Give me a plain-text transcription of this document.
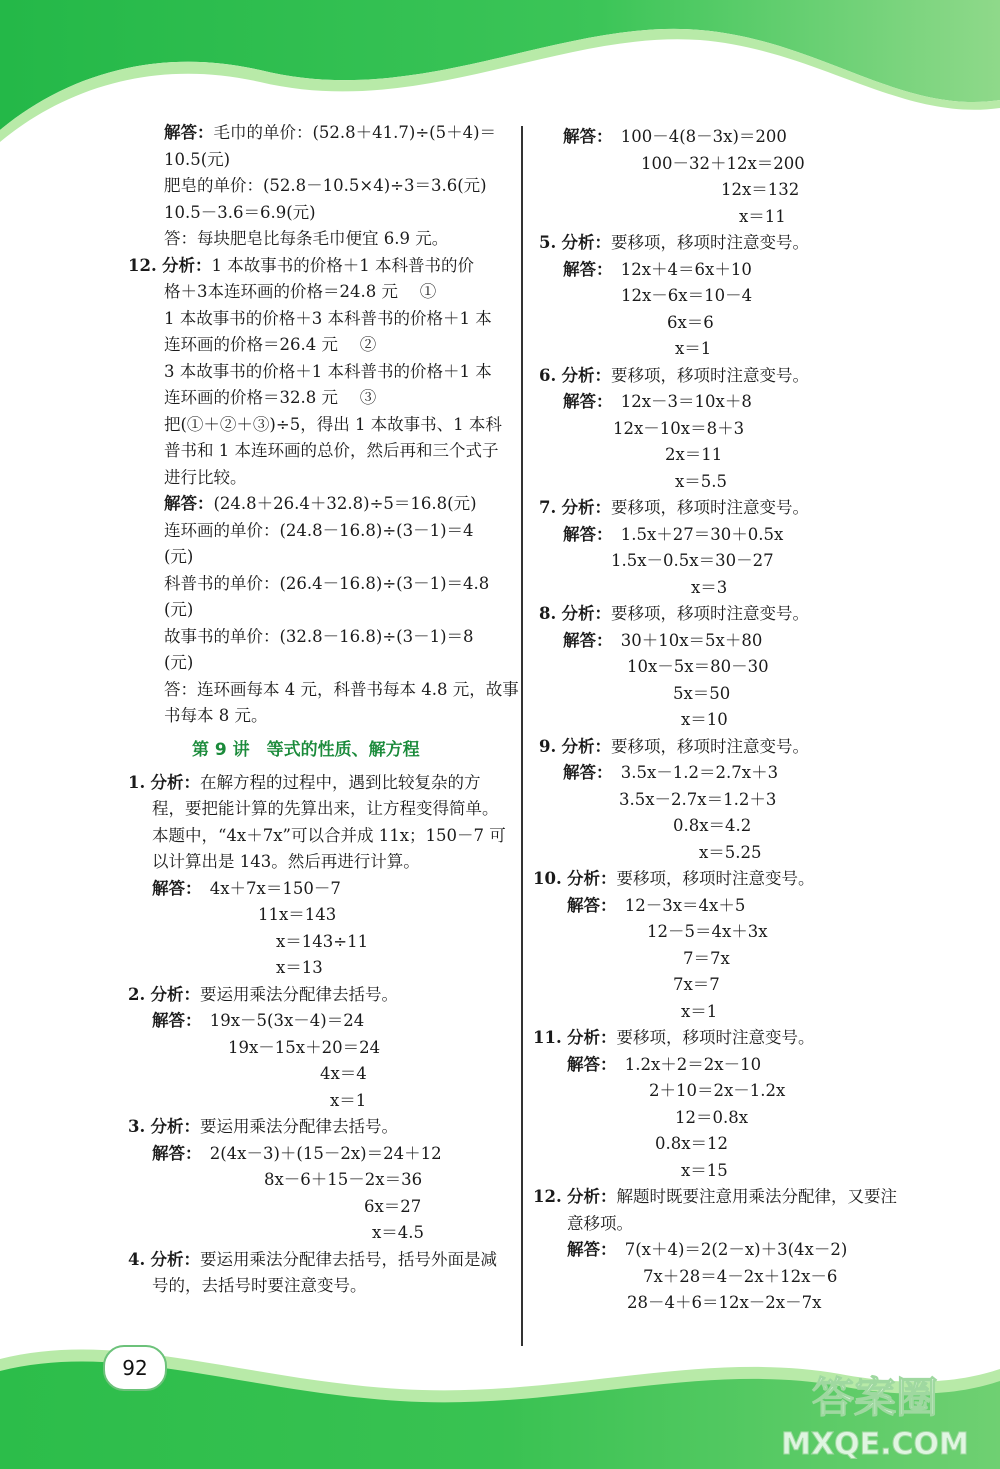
解答：毛巾的单价：(52.8＋41.7)÷(5＋4)＝
10.5(元)
肥皂的单价：(52.8－10.5×4)÷3＝3.6(元)
10.5－3.6＝6.9(元)
答：每块肥皂比每条毛巾便宜 6.9 元。
12. 分析：1 本故事书的价格＋1 本科普书的价
格＋3本连环画的价格＝24.8 元　 ①
1 本故事书的价格＋3 本科普书的价格＋1 本
连环画的价格＝26.4 元　 ②
3 本故事书的价格＋1 本科普书的价格＋1 本
连环画的价格＝32.8 元　 ③
把(①＋②＋③)÷5，得出 1 本故事书、1 本科
普书和 1 本连环画的总价，然后再和三个式子
进行比较。
解答：(24.8＋26.4＋32.8)÷5＝16.8(元)
连环画的单价：(24.8－16.8)÷(3－1)＝4
(元)
科普书的单价：(26.4－16.8)÷(3－1)＝4.8
(元)
故事书的单价：(32.8－16.8)÷(3－1)＝8
(元)
答：连环画每本 4 元，科普书每本 4.8 元，故事
书每本 8 元。
第 9 讲　等式的性质、解方程
1. 分析：在解方程的过程中，遇到比较复杂的方
程，要把能计算的先算出来，让方程变得简单。
本题中，“4x＋7x”可以合并成 11x；150－7 可
以计算出是 143。然后再进行计算。
解答：　4x＋7x＝150－7
11x＝143
x＝143÷11
x＝13
2. 分析：要运用乘法分配律去括号。
解答：　19x－5(3x－4)＝24
19x－15x＋20＝24
4x＝4
x＝1
3. 分析：要运用乘法分配律去括号。
解答：　2(4x－3)＋(15－2x)＝24＋12
8x－6＋15－2x＝36
6x＝27
x＝4.5
4. 分析：要运用乘法分配律去括号，括号外面是减
号的，去括号时要注意变号。
解答：　100－4(8－3x)＝200
100－32＋12x＝200
12x＝132
x＝11
5. 分析：要移项，移项时注意变号。
解答：　12x＋4＝6x＋10
12x－6x＝10－4
6x＝6
x＝1
6. 分析：要移项，移项时注意变号。
解答：　12x－3＝10x＋8
12x－10x＝8＋3
2x＝11
x＝5.5
7. 分析：要移项，移项时注意变号。
解答：　1.5x＋27＝30＋0.5x
1.5x－0.5x＝30－27
x＝3
8. 分析：要移项，移项时注意变号。
解答：　30＋10x＝5x＋80
10x－5x＝80－30
5x＝50
x＝10
9. 分析：要移项，移项时注意变号。
解答：　3.5x－1.2＝2.7x＋3
3.5x－2.7x＝1.2＋3
0.8x＝4.2
x＝5.25
10. 分析：要移项，移项时注意变号。
解答：　12－3x＝4x＋5
12－5＝4x＋3x
7＝7x
7x＝7
x＝1
11. 分析：要移项，移项时注意变号。
解答：　1.2x＋2＝2x－10
2＋10＝2x－1.2x
12＝0.8x
0.8x＝12
x＝15
12. 分析：解题时既要注意用乘法分配律，又要注
意移项。
解答：　7(x＋4)＝2(2－x)＋3(4x－2)
7x＋28＝4－2x＋12x－6
28－4＋6＝12x－2x－7x
92
答案圈
MXQE.COM
